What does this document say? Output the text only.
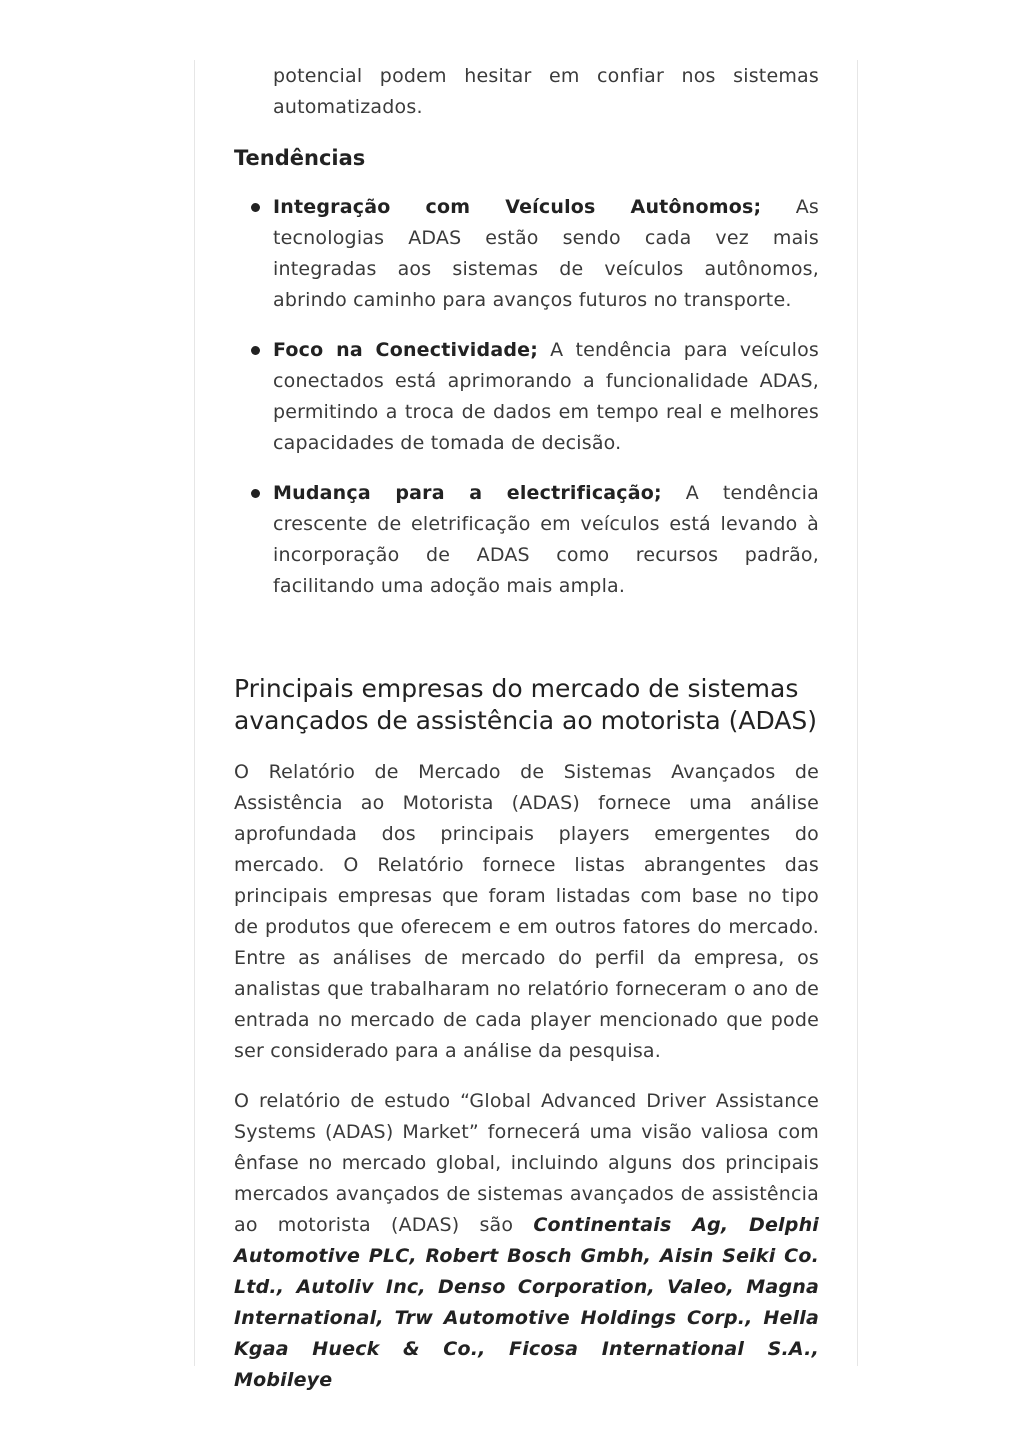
potencial podem hesitar em confiar nos sistemas automatizados.

Tendências
Integração com Veículos Autônomos; As tecnologias ADAS estão sendo cada vez mais integradas aos sistemas de veículos autônomos, abrindo caminho para avanços futuros no transporte.
Foco na Conectividade; A tendência para veículos conectados está aprimorando a funcionalidade ADAS, permitindo a troca de dados em tempo real e melhores capacidades de tomada de decisão.
Mudança para a electrificação; A tendência crescente de eletrificação em veículos está levando à incorporação de ADAS como recursos padrão, facilitando uma adoção mais ampla.
Principais empresas do mercado de sistemas avançados de assistência ao motorista (ADAS)

O Relatório de Mercado de Sistemas Avançados de Assistência ao Motorista (ADAS) fornece uma análise aprofundada dos principais players emergentes do mercado. O Relatório fornece listas abrangentes das principais empresas que foram listadas com base no tipo de produtos que oferecem e em outros fatores do mercado. Entre as análises de mercado do perfil da empresa, os analistas que trabalharam no relatório forneceram o ano de entrada no mercado de cada player mencionado que pode ser considerado para a análise da pesquisa.

O relatório de estudo “Global Advanced Driver Assistance Systems (ADAS) Market” fornecerá uma visão valiosa com ênfase no mercado global, incluindo alguns dos principais mercados avançados de sistemas avançados de assistência ao motorista (ADAS) são Continentais Ag, Delphi Automotive PLC, Robert Bosch Gmbh, Aisin Seiki Co. Ltd., Autoliv Inc, Denso Corporation, Valeo, Magna International, Trw Automotive Holdings Corp., Hella Kgaa Hueck & Co., Ficosa International S.A., Mobileye
